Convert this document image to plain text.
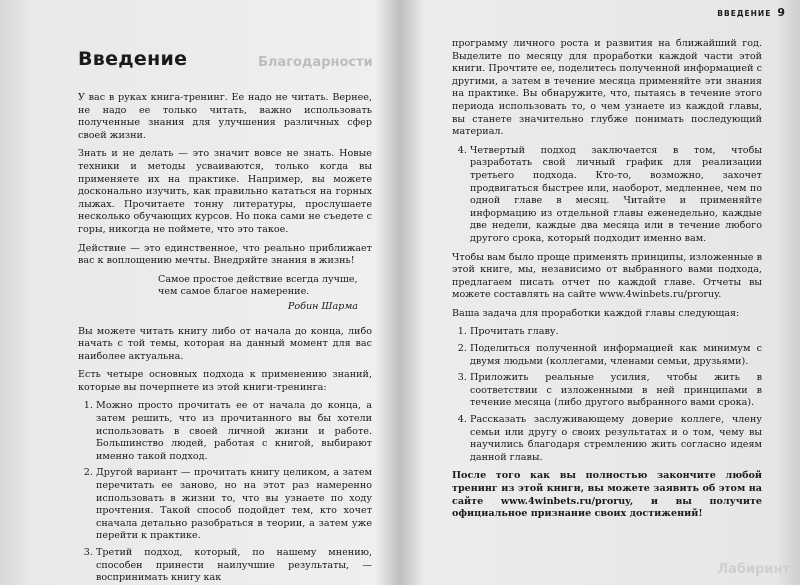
Благодарности
Введение

У вас в руках книга-тренинг. Ее надо не читать. Вернее, не надо ее только читать, важно использовать полученные знания для улучшения различных сфер своей жизни.

Знать и не делать — это значит вовсе не знать. Новые техники и методы усваиваются, только когда вы применяете их на практике. Например, вы можете досконально изучить, как правильно кататься на горных лыжах. Прочитаете тонну литературы, прослушаете несколько обучающих курсов. Но пока сами не съедете с горы, никогда не поймете, что это такое.

Действие — это единственное, что реально приближает вас к воплощению мечты. Внедряйте знания в жизнь!

Самое простое действие всегда лучше, чем самое благое намерение.
Робин Шарма

Вы можете читать книгу либо от начала до конца, либо начать с той темы, которая на данный момент для вас наиболее актуальна.

Есть четыре основных подхода к применению знаний, которые вы почерпнете из этой книги-тренинга:

1. Можно просто прочитать ее от начала до конца, а затем решить, что из прочитанного вы бы хотели использовать в своей личной жизни и работе. Большинство людей, работая с книгой, выбирают именно такой подход.
2. Другой вариант — прочитать книгу целиком, а затем перечитать ее заново, но на этот раз намеренно использовать в жизни то, что вы узнаете по ходу прочтения. Такой способ подойдет тем, кто хочет сначала детально разобраться в теории, а затем уже перейти к практике.
3. Третий подход, который, по нашему мнению, способен принести наилучшие результаты, — воспринимать книгу как
ВВЕДЕНИЕ 9

программу личного роста и развития на ближайший год. Выделите по месяцу для проработки каждой части этой книги. Прочтите ее, поделитесь полученной информацией с другими, а затем в течение месяца применяйте эти знания на практике. Вы обнаружите, что, пытаясь в течение этого периода использовать то, о чем узнаете из каждой главы, вы станете значительно глубже понимать последующий материал.

4. Четвертый подход заключается в том, чтобы разработать свой личный график для реализации третьего подхода. Кто-то, возможно, захочет продвигаться быстрее или, наоборот, медленнее, чем по одной главе в месяц. Читайте и применяйте информацию из отдельной главы еженедельно, каждые две недели, каждые два месяца или в течение любого другого срока, который подходит именно вам.

Чтобы вам было проще применять принципы, изложенные в этой книге, мы, независимо от выбранного вами подхода, предлагаем писать отчет по каждой главе. Отчеты вы можете составлять на сайте www.4winbets.ru/proruy.

Ваша задача для проработки каждой главы следующая:

1. Прочитать главу.
2. Поделиться полученной информацией как минимум с двумя людьми (коллегами, членами семьи, друзьями).
3. Приложить реальные усилия, чтобы жить в соответствии с изложенными в ней принципами в течение месяца (либо другого выбранного вами срока).
4. Рассказать заслуживающему доверие коллеге, члену семьи или другу о своих результатах и о том, чему вы научились благодаря стремлению жить согласно идеям данной главы.

После того как вы полностью закончите любой тренинг из этой книги, вы можете заявить об этом на сайте www.4winbets.ru/proruy, и вы получите официальное признание своих достижений!

Лабиринт
